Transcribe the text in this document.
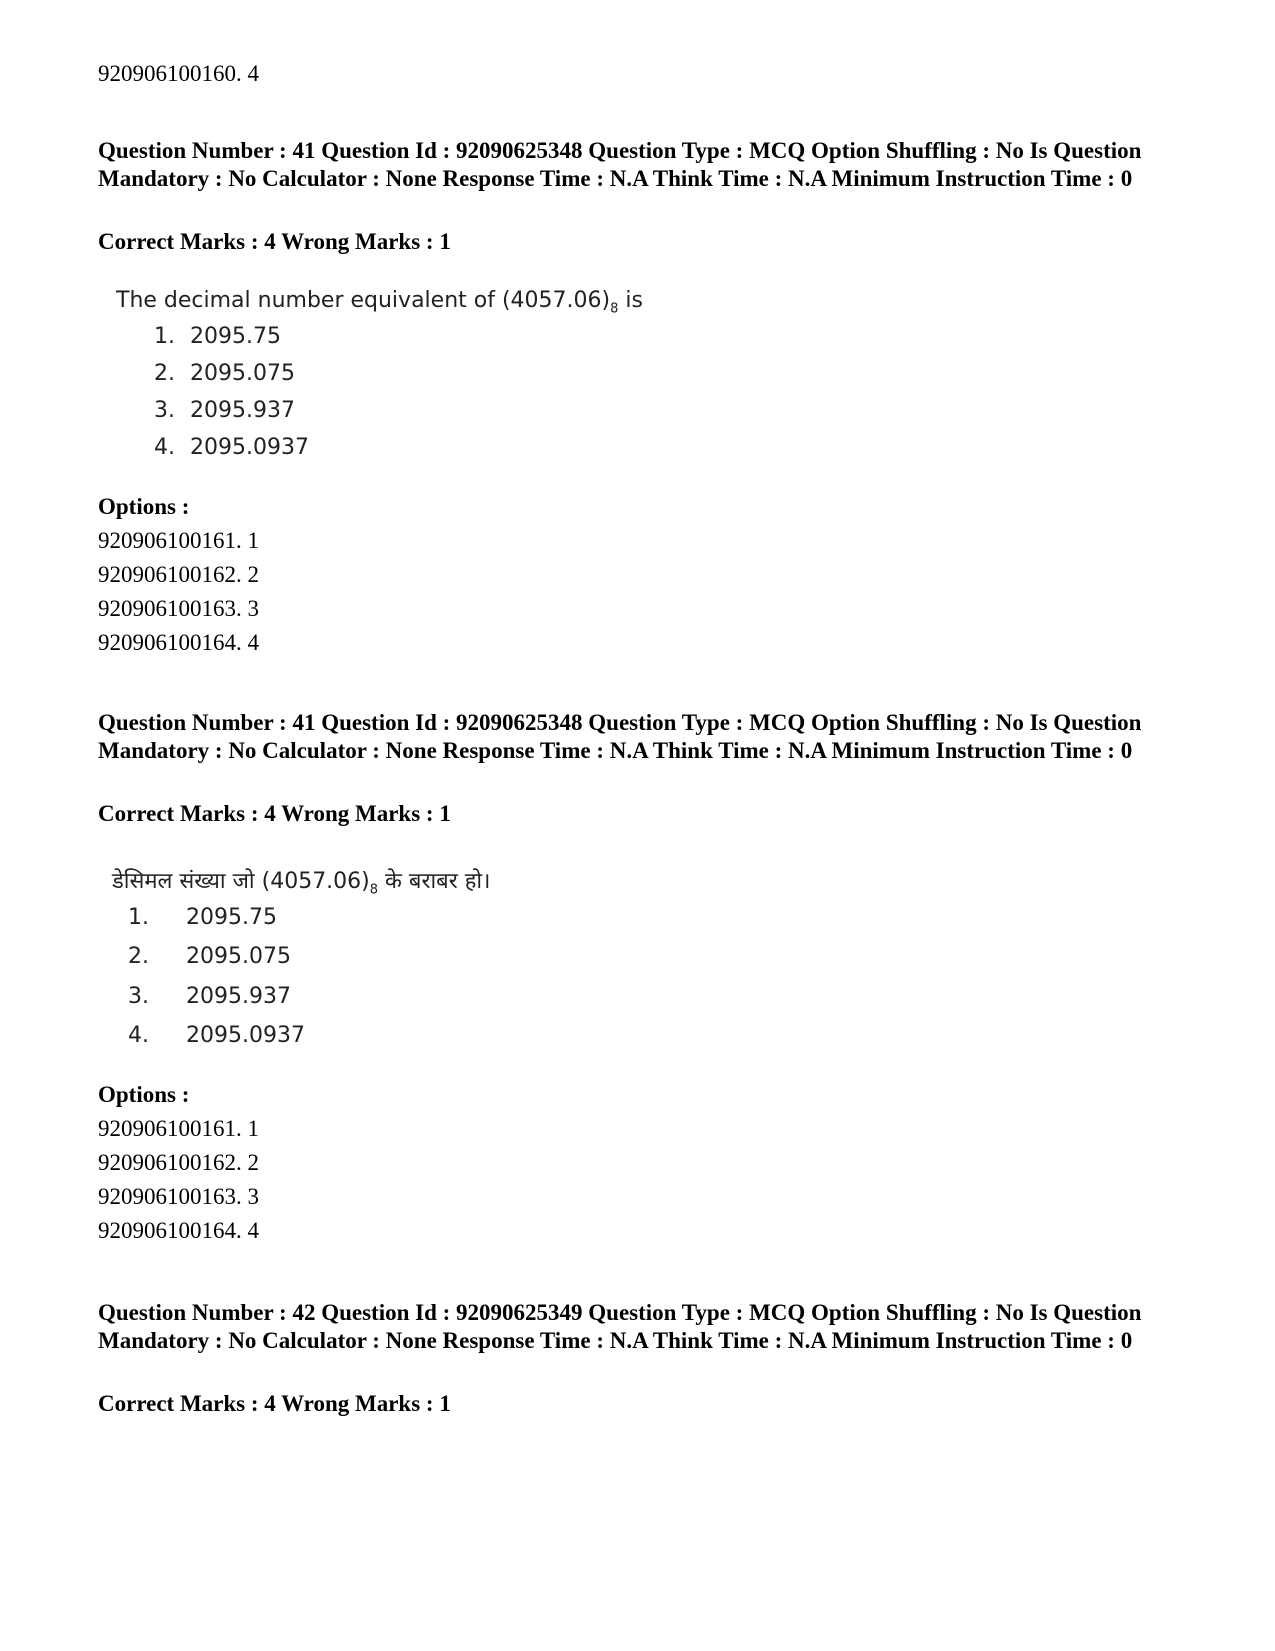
920906100160. 4
Question Number : 41 Question Id : 92090625348 Question Type : MCQ Option Shuffling : No Is Question Mandatory : No Calculator : None Response Time : N.A Think Time : N.A Minimum Instruction Time : 0
Correct Marks : 4 Wrong Marks : 1
The decimal number equivalent of $(4057.06)_8$ is
1. 2095.75
2. 2095.075
3. 2095.937
4. 2095.0937
Options :
920906100161. 1
920906100162. 2
920906100163. 3
920906100164. 4
Question Number : 41 Question Id : 92090625348 Question Type : MCQ Option Shuffling : No Is Question Mandatory : No Calculator : None Response Time : N.A Think Time : N.A Minimum Instruction Time : 0
Correct Marks : 4 Wrong Marks : 1
डेसिमल संख्या जो $(4057.06)_8$ के बराबर हो।
1. 2095.75
2. 2095.075
3. 2095.937
4. 2095.0937
Options :
920906100161. 1
920906100162. 2
920906100163. 3
920906100164. 4
Question Number : 42 Question Id : 92090625349 Question Type : MCQ Option Shuffling : No Is Question Mandatory : No Calculator : None Response Time : N.A Think Time : N.A Minimum Instruction Time : 0
Correct Marks : 4 Wrong Marks : 1
